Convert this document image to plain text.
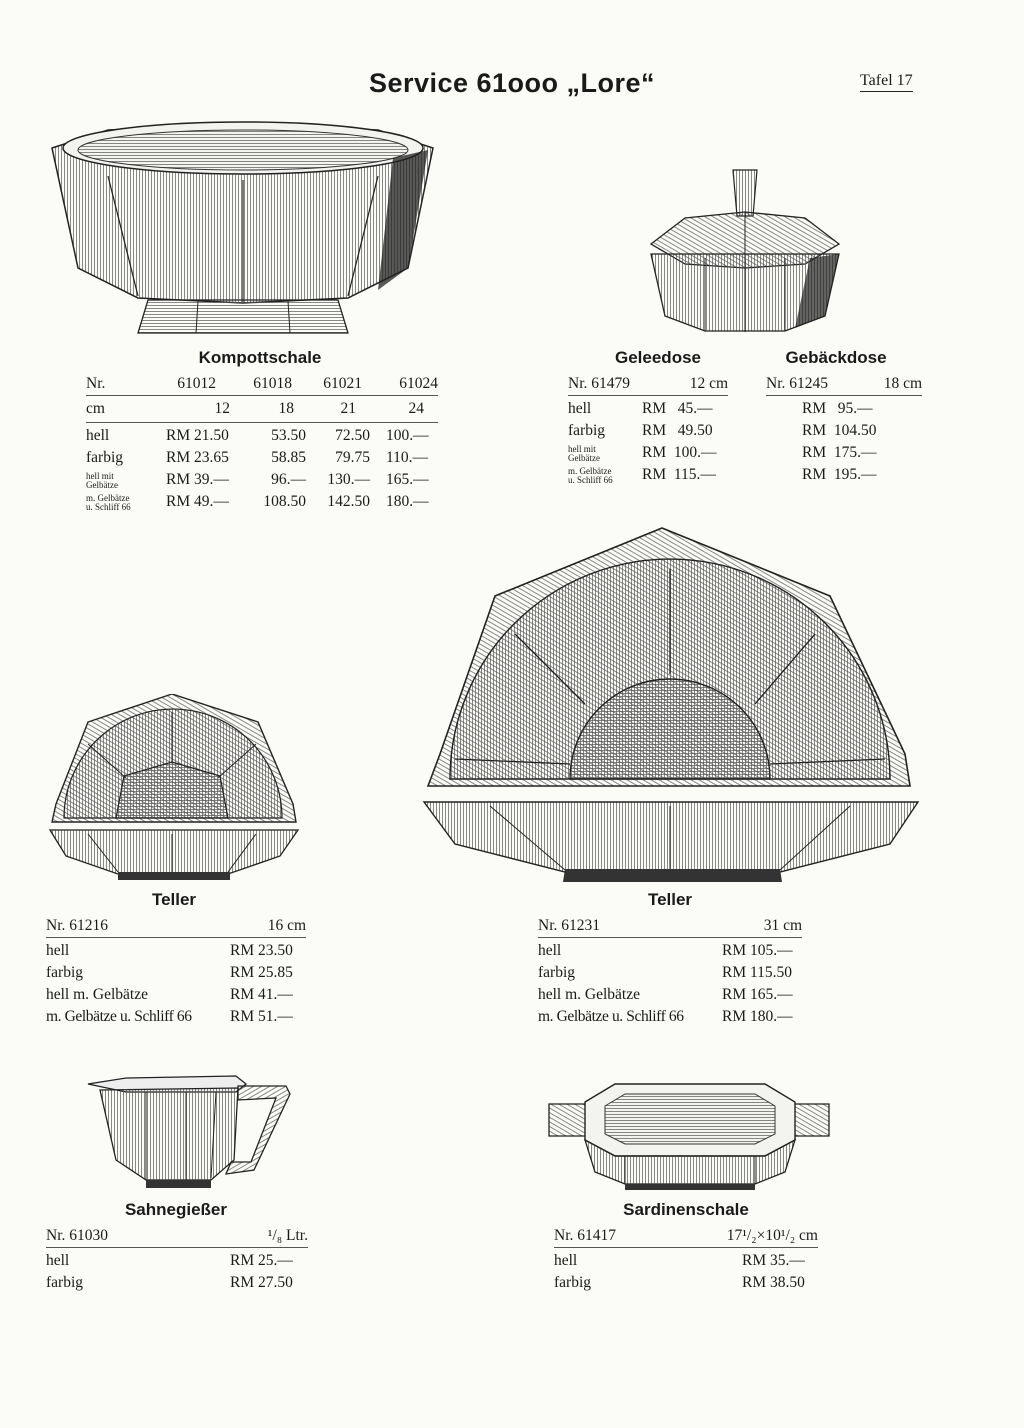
Service 61ooo „Lore“	Tafel 17
Kompottschale
Nr.	61012 61018 61021 61024
cm	12	18	21	24
hell	RM 21.50	53.50 72.50 100.—
farbig	RM 23.65	58.85 79.75 110.—
hell mit
Gelbätze	RM 39.—	96.— 130.— 165.—
m. Gelbätze
u. Schliff 66 RM 49.— 108.50 142.50 180.—
Geleedose
Nr. 61479	12 cm
hell	RM   45.—
farbig RM   49.50
hell mit
Gelbätze	RM  100.—
m. Gelbätze
u. Schliff 66 RM  115.—
Gebäckdose
Nr. 61245	18 cm
RM   95.—
RM  104.50
RM  175.—
RM  195.—
Teller
Nr. 61216	16 cm
hell	RM 23.50
farbig	RM 25.85
hell m. Gelbätze	RM 41.—
m. Gelbätze u. Schliff 66 RM 51.—
Teller
Nr. 61231	31 cm
hell	RM 105.—
farbig	RM 115.50
hell m. Gelbätze	RM 165.—
m. Gelbätze u. Schliff 66 RM 180.—
Sahnegießer
Nr. 61030	¹/₈ Ltr.
hell	RM 25.—
farbig	RM 27.50
Sardinenschale
Nr. 61417	17¹/₂×10¹/₂ cm
hell	RM 35.—
farbig	RM 38.50
